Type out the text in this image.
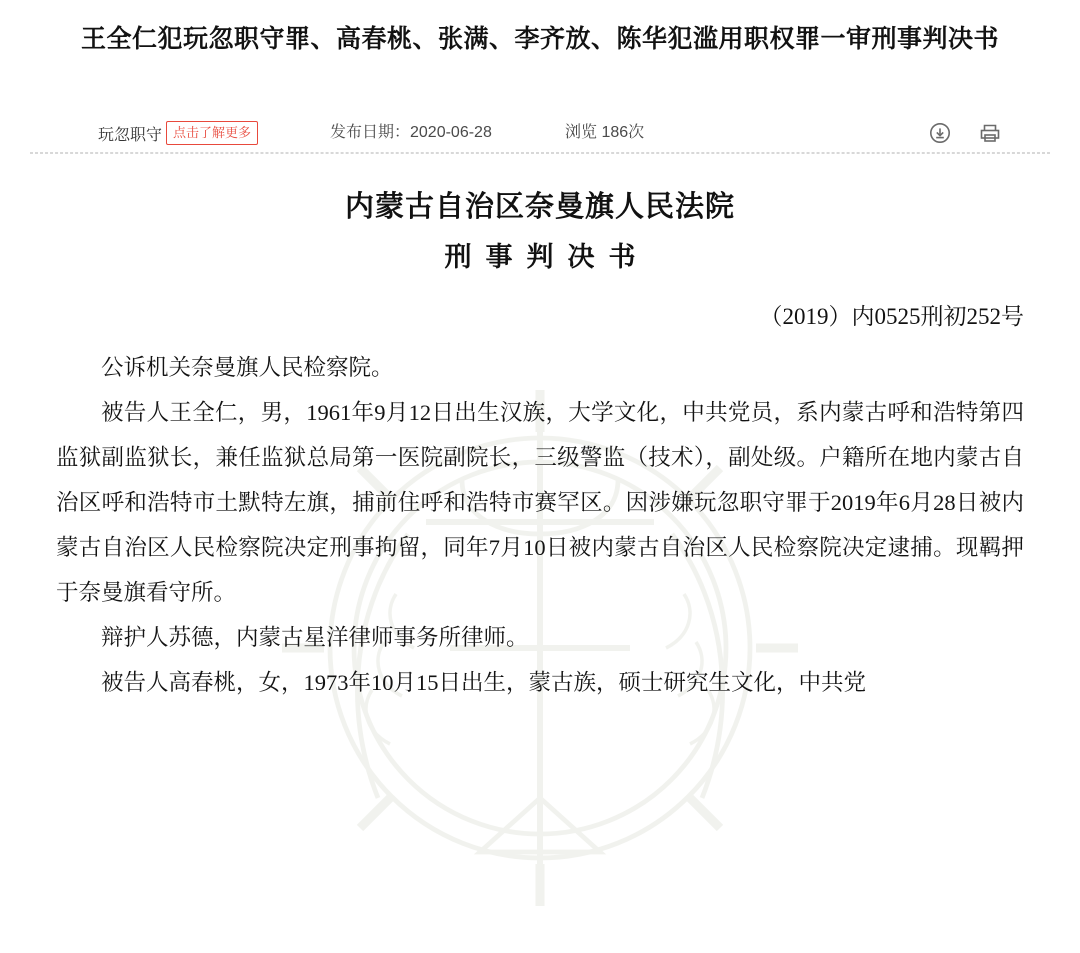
王全仁犯玩忽职守罪、高春桃、张满、李齐放、陈华犯滥用职权罪一审刑事判决书
玩忽职守 点击了解更多	发布日期：2020-06-28	浏览 186次
内蒙古自治区奈曼旗人民法院
刑事判决书
（2019）内0525刑初252号

公诉机关奈曼旗人民检察院。

被告人王全仁，男，1961年9月12日出生汉族，大学文化，中共党员，系内蒙古呼和浩特第四监狱副监狱长，兼任监狱总局第一医院副院长，三级警监（技术），副处级。户籍所在地内蒙古自治区呼和浩特市土默特左旗，捕前住呼和浩特市赛罕区。因涉嫌玩忽职守罪于2019年6月28日被内蒙古自治区人民检察院决定刑事拘留，同年7月10日被内蒙古自治区人民检察院决定逮捕。现羁押于奈曼旗看守所。

辩护人苏德，内蒙古星洋律师事务所律师。

被告人高春桃，女，1973年10月15日出生，蒙古族，硕士研究生文化，中共党
